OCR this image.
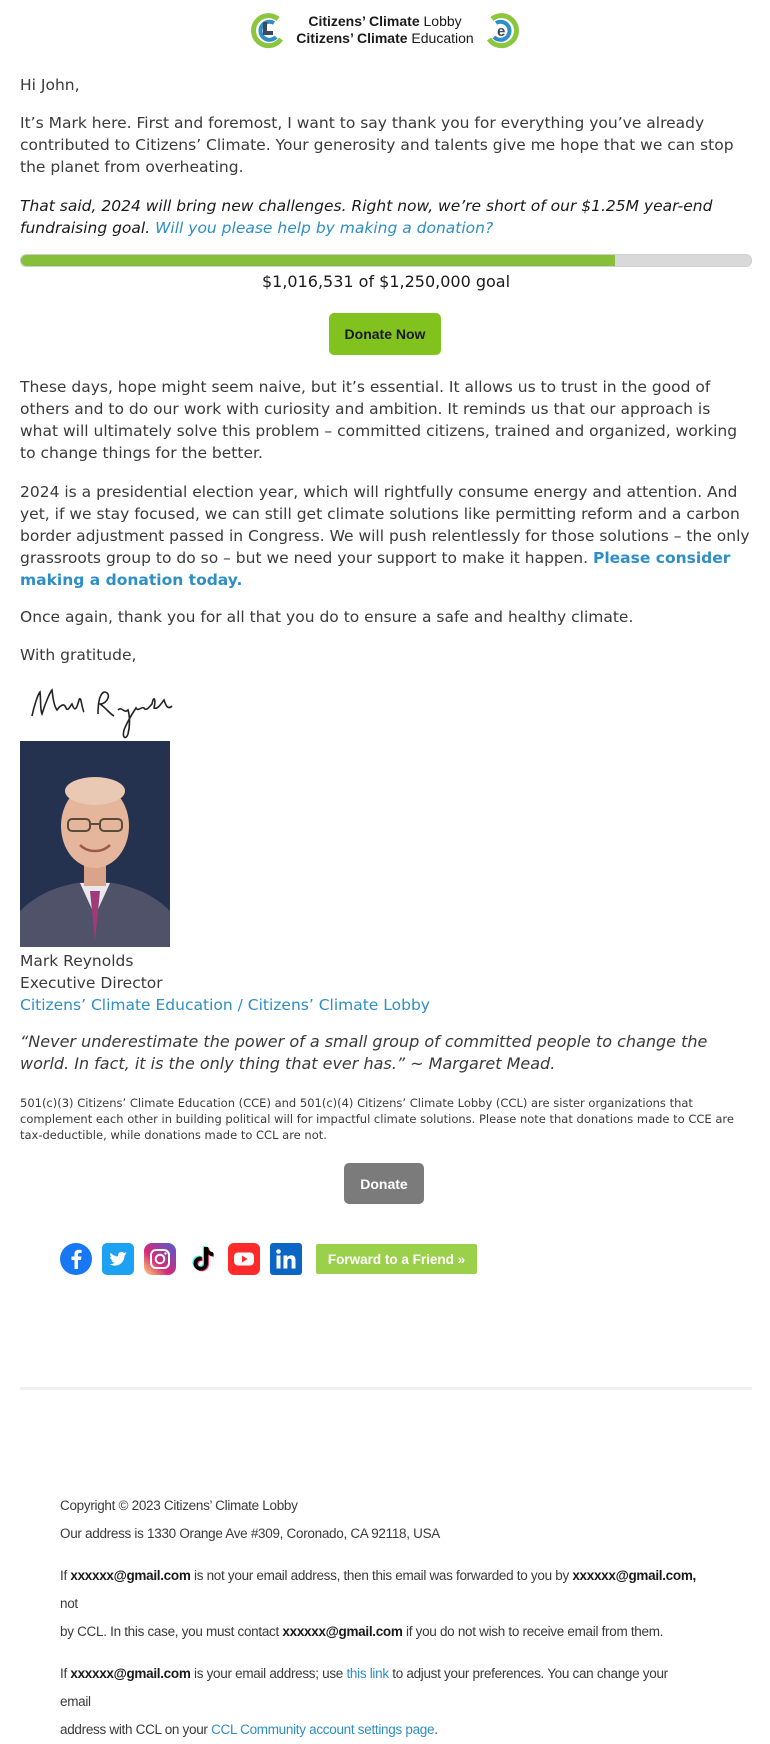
Citizens’ Climate Lobby
Citizens’ Climate Education e

Hi John,

It’s Mark here. First and foremost, I want to say thank you for everything you’ve already contributed to Citizens’ Climate. Your generosity and talents give me hope that we can stop the planet from overheating.

That said, 2024 will bring new challenges. Right now, we’re short of our $1.25M year-end fundraising goal. Will you please help by making a donation?

$1,016,531 of $1,250,000 goal
Donate Now

These days, hope might seem naive, but it’s essential. It allows us to trust in the good of others and to do our work with curiosity and ambition. It reminds us that our approach is what will ultimately solve this problem – committed citizens, trained and organized, working to change things for the better.

2024 is a presidential election year, which will rightfully consume energy and attention. And yet, if we stay focused, we can still get climate solutions like permitting reform and a carbon border adjustment passed in Congress. We will push relentlessly for those solutions – the only grassroots group to do so – but we need your support to make it happen. Please consider making a donation today.

Once again, thank you for all that you do to ensure a safe and healthy climate.

With gratitude,

Mark Reynolds

Executive Director

Citizens’ Climate Education / Citizens’ Climate Lobby

“Never underestimate the power of a small group of committed people to change the world. In fact, it is the only thing that ever has.” ~ Margaret Mead.

501(c)(3) Citizens’ Climate Education (CCE) and 501(c)(4) Citizens’ Climate Lobby (CCL) are sister organizations that complement each other in building political will for impactful climate solutions. Please note that donations made to CCE are tax-deductible, while donations made to CCL are not.

Donate
Forward to a Friend »
Copyright © 2023 Citizens’ Climate Lobby
Our address is 1330 Orange Ave #309, Coronado, CA 92118, USA
If xxxxxx@gmail.com is not your email address, then this email was forwarded to you by xxxxxx@gmail.com, not
by CCL. In this case, you must contact xxxxxx@gmail.com if you do not wish to receive email from them.
If xxxxxx@gmail.com is your email address; use this link to adjust your preferences. You can change your email
address with CCL on your CCL Community account settings page.
